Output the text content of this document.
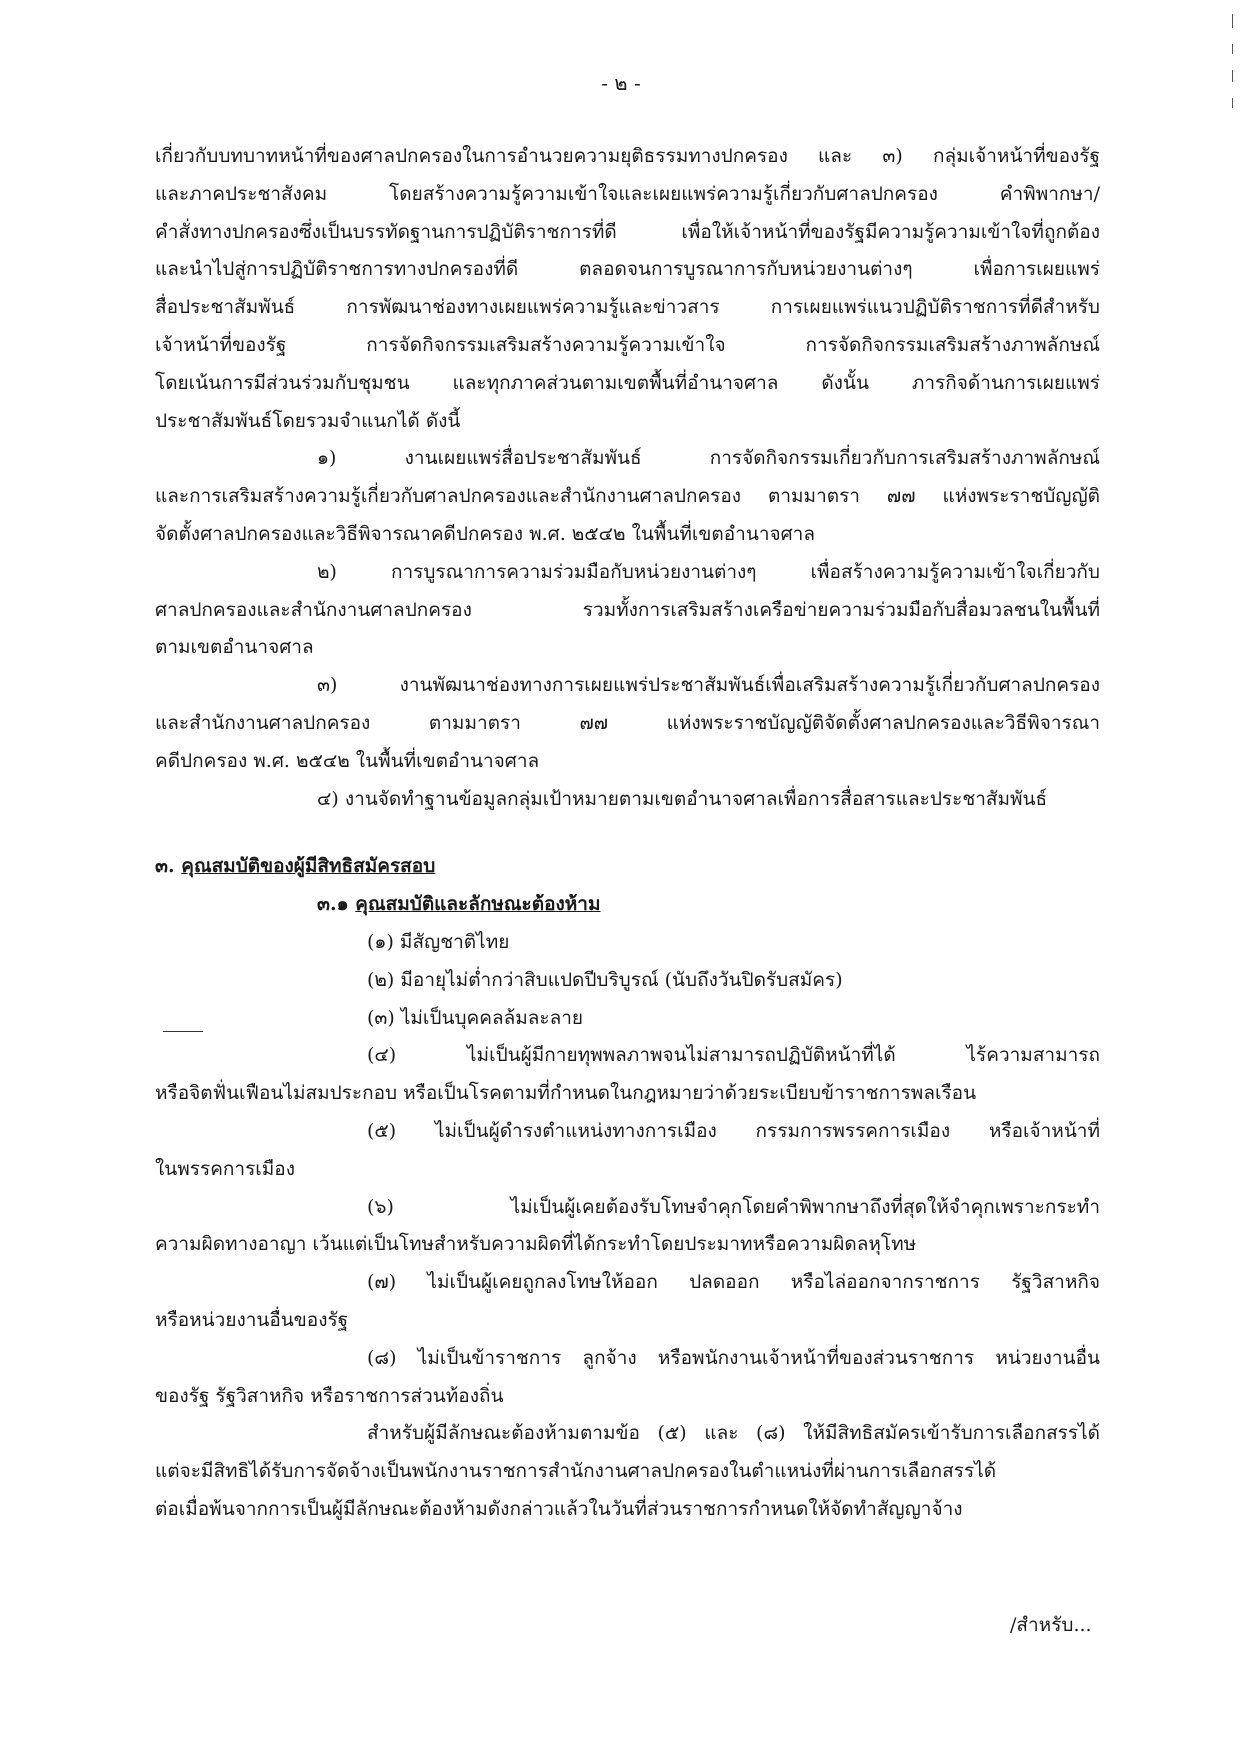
- ๒ -
เกี่ยวกับบทบาทหน้าที่ของศาลปกครองในการอำนวยความยุติธรรมทางปกครอง และ ๓) กลุ่มเจ้าหน้าที่ของรัฐ
และภาคประชาสังคม โดยสร้างความรู้ความเข้าใจและเผยแพร่ความรู้เกี่ยวกับศาลปกครอง คำพิพากษา/
คำสั่งทางปกครองซึ่งเป็นบรรทัดฐานการปฏิบัติราชการที่ดี เพื่อให้เจ้าหน้าที่ของรัฐมีความรู้ความเข้าใจที่ถูกต้อง
และนำไปสู่การปฏิบัติราชการทางปกครองที่ดี ตลอดจนการบูรณาการกับหน่วยงานต่างๆ เพื่อการเผยแพร่
สื่อประชาสัมพันธ์ การพัฒนาช่องทางเผยแพร่ความรู้และข่าวสาร การเผยแพร่แนวปฏิบัติราชการที่ดีสำหรับ
เจ้าหน้าที่ของรัฐ การจัดกิจกรรมเสริมสร้างความรู้ความเข้าใจ การจัดกิจกรรมเสริมสร้างภาพลักษณ์
โดยเน้นการมีส่วนร่วมกับชุมชน และทุกภาคส่วนตามเขตพื้นที่อำนาจศาล ดังนั้น ภารกิจด้านการเผยแพร่
ประชาสัมพันธ์โดยรวมจำแนกได้ ดังนี้
๑) งานเผยแพร่สื่อประชาสัมพันธ์ การจัดกิจกรรมเกี่ยวกับการเสริมสร้างภาพลักษณ์
และการเสริมสร้างความรู้เกี่ยวกับศาลปกครองและสำนักงานศาลปกครอง ตามมาตรา ๗๗ แห่งพระราชบัญญัติ
จัดตั้งศาลปกครองและวิธีพิจารณาคดีปกครอง พ.ศ. ๒๕๔๒ ในพื้นที่เขตอำนาจศาล
๒) การบูรณาการความร่วมมือกับหน่วยงานต่างๆ เพื่อสร้างความรู้ความเข้าใจเกี่ยวกับ
ศาลปกครองและสำนักงานศาลปกครอง รวมทั้งการเสริมสร้างเครือข่ายความร่วมมือกับสื่อมวลชนในพื้นที่
ตามเขตอำนาจศาล
๓) งานพัฒนาช่องทางการเผยแพร่ประชาสัมพันธ์เพื่อเสริมสร้างความรู้เกี่ยวกับศาลปกครอง
และสำนักงานศาลปกครอง ตามมาตรา ๗๗ แห่งพระราชบัญญัติจัดตั้งศาลปกครองและวิธีพิจารณา
คดีปกครอง พ.ศ. ๒๕๔๒ ในพื้นที่เขตอำนาจศาล
๔) งานจัดทำฐานข้อมูลกลุ่มเป้าหมายตามเขตอำนาจศาลเพื่อการสื่อสารและประชาสัมพันธ์
๓. คุณสมบัติของผู้มีสิทธิสมัครสอบ
๓.๑ คุณสมบัติและลักษณะต้องห้าม
(๑) มีสัญชาติไทย
(๒) มีอายุไม่ต่ำกว่าสิบแปดปีบริบูรณ์ (นับถึงวันปิดรับสมัคร)
(๓) ไม่เป็นบุคคลล้มละลาย
(๔) ไม่เป็นผู้มีกายทุพพลภาพจนไม่สามารถปฏิบัติหน้าที่ได้ ไร้ความสามารถ
หรือจิตฟั่นเฟือนไม่สมประกอบ หรือเป็นโรคตามที่กำหนดในกฎหมายว่าด้วยระเบียบข้าราชการพลเรือน
(๕) ไม่เป็นผู้ดำรงตำแหน่งทางการเมือง กรรมการพรรคการเมือง หรือเจ้าหน้าที่
ในพรรคการเมือง
(๖) ไม่เป็นผู้เคยต้องรับโทษจำคุกโดยคำพิพากษาถึงที่สุดให้จำคุกเพราะกระทำ
ความผิดทางอาญา เว้นแต่เป็นโทษสำหรับความผิดที่ได้กระทำโดยประมาทหรือความผิดลหุโทษ
(๗) ไม่เป็นผู้เคยถูกลงโทษให้ออก ปลดออก หรือไล่ออกจากราชการ รัฐวิสาหกิจ
หรือหน่วยงานอื่นของรัฐ
(๘) ไม่เป็นข้าราชการ ลูกจ้าง หรือพนักงานเจ้าหน้าที่ของส่วนราชการ หน่วยงานอื่น
ของรัฐ รัฐวิสาหกิจ หรือราชการส่วนท้องถิ่น
สำหรับผู้มีลักษณะต้องห้ามตามข้อ (๕) และ (๘) ให้มีสิทธิสมัครเข้ารับการเลือกสรรได้
แต่จะมีสิทธิได้รับการจัดจ้างเป็นพนักงานราชการสำนักงานศาลปกครองในตำแหน่งที่ผ่านการเลือกสรรได้
ต่อเมื่อพ้นจากการเป็นผู้มีลักษณะต้องห้ามดังกล่าวแล้วในวันที่ส่วนราชการกำหนดให้จัดทำสัญญาจ้าง
/สำหรับ...
